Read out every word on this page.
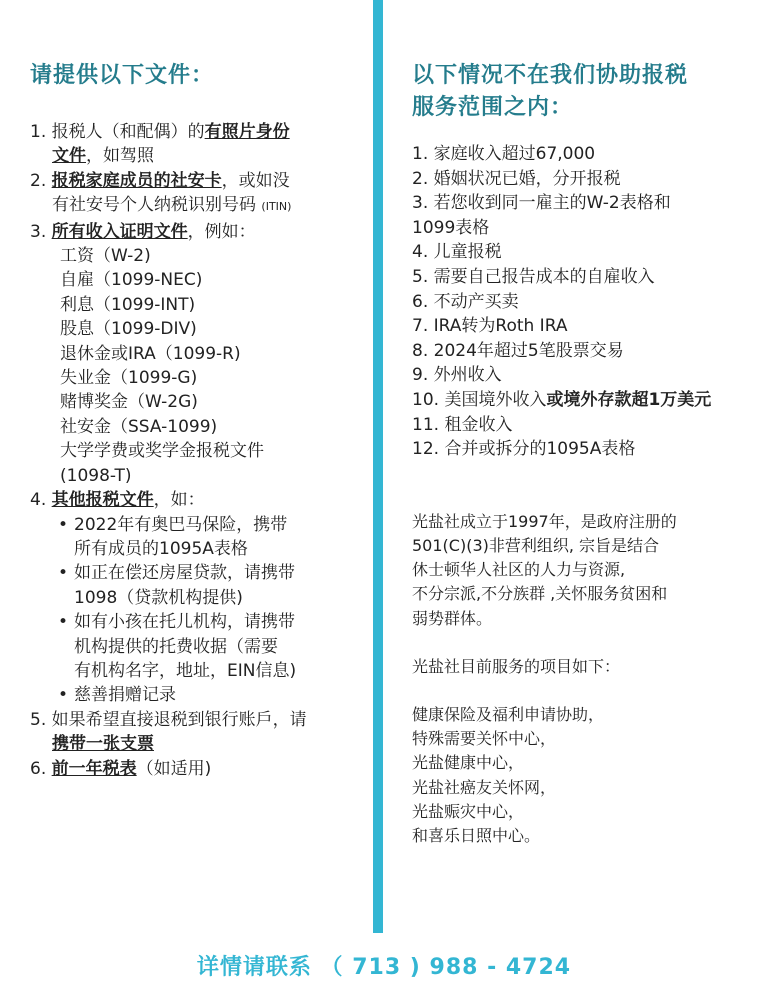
请提供以下文件：
1. 报税人（和配偶）的有照片身份
文件，如驾照
2. 报税家庭成员的社安卡，或如没
有社安号个人纳税识别号码 (ITIN)
3. 所有收入证明文件，例如：
工资（W-2)
自雇（1099-NEC)
利息（1099-INT)
股息（1099-DIV)
退休金或IRA（1099-R)
失业金（1099-G)
赌博奖金（W-2G)
社安金（SSA-1099)
大学学费或奖学金报税文件
(1098-T)
4. 其他报税文件，如：
• 2022年有奥巴马保险，携带
所有成员的1095A表格
• 如正在偿还房屋贷款，请携带
1098（贷款机构提供)
• 如有小孩在托儿机构，请携带
机构提供的托费收据（需要
有机构名字，地址，EIN信息)
• 慈善捐赠记录
5. 如果希望直接退税到银行账戶，请
携带一张支票
6. 前一年税表（如适用)
以下情况不在我们协助报税
服务范围之内：
1. 家庭收入超过67,000
2. 婚姻状况已婚，分开报税
3. 若您收到同一雇主的W-2表格和
1099表格
4. 儿童报税
5. 需要自己报告成本的自雇收入
6. 不动产买卖
7. IRA转为Roth IRA
8. 2024年超过5笔股票交易
9. 外州收入
10. 美国境外收入或境外存款超1万美元
11. 租金收入
12. 合并或拆分的1095A表格
光盐社成立于1997年，是政府注册的
501(C)(3)非营利组织, 宗旨是结合
休士顿华人社区的人力与资源,
不分宗派,不分族群 ,关怀服务贫困和
弱势群体。
光盐社目前服务的项目如下：
健康保险及福利申请协助，
特殊需要关怀中心，
光盐健康中心，
光盐社癌友关怀网，
光盐赈灾中心，
和喜乐日照中心。
详情请联系 （ 713 ) 988 - 4724
